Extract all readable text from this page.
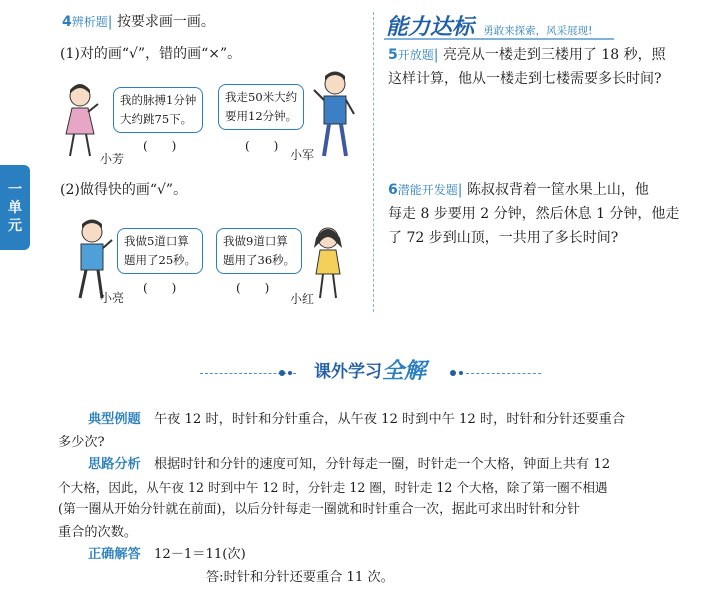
4辨析题| 按要求画一画。
(1)对的画“√”，错的画“×”。
我的脉搏1分钟
大约跳75下。
我走50米大约
要用12分钟。
(　　)	(　　)
小芳	小军
(2)做得快的画“√”。
我做5道口算
题用了25秒。
我做9道口算
题用了36秒。
(　　)	(　　)
小亮	小红
一
单
元
能力达标 勇敢来探索，风采展现!
5开放题| 亮亮从一楼走到三楼用了 18 秒，照
这样计算，他从一楼走到七楼需要多长时间?
6潜能开发题| 陈叔叔背着一筐水果上山，他
每走 8 步要用 2 分钟，然后休息 1 分钟，他走
了 72 步到山顶，一共用了多长时间?
课外学习 全解
典型例题　 午夜 12 时，时针和分针重合，从午夜 12 时到中午 12 时，时针和分针还要重合
多少次?
思路分析　 根据时针和分针的速度可知，分针每走一圈，时针走一个大格，钟面上共有 12
个大格，因此，从午夜 12 时到中午 12 时，分针走 12 圈，时针走 12 个大格，除了第一圈不相遇
(第一圈从开始分针就在前面)，以后分针每走一圈就和时针重合一次，据此可求出时针和分针
重合的次数。
正确解答　 12－1＝11(次)
答:时针和分针还要重合 11 次。
